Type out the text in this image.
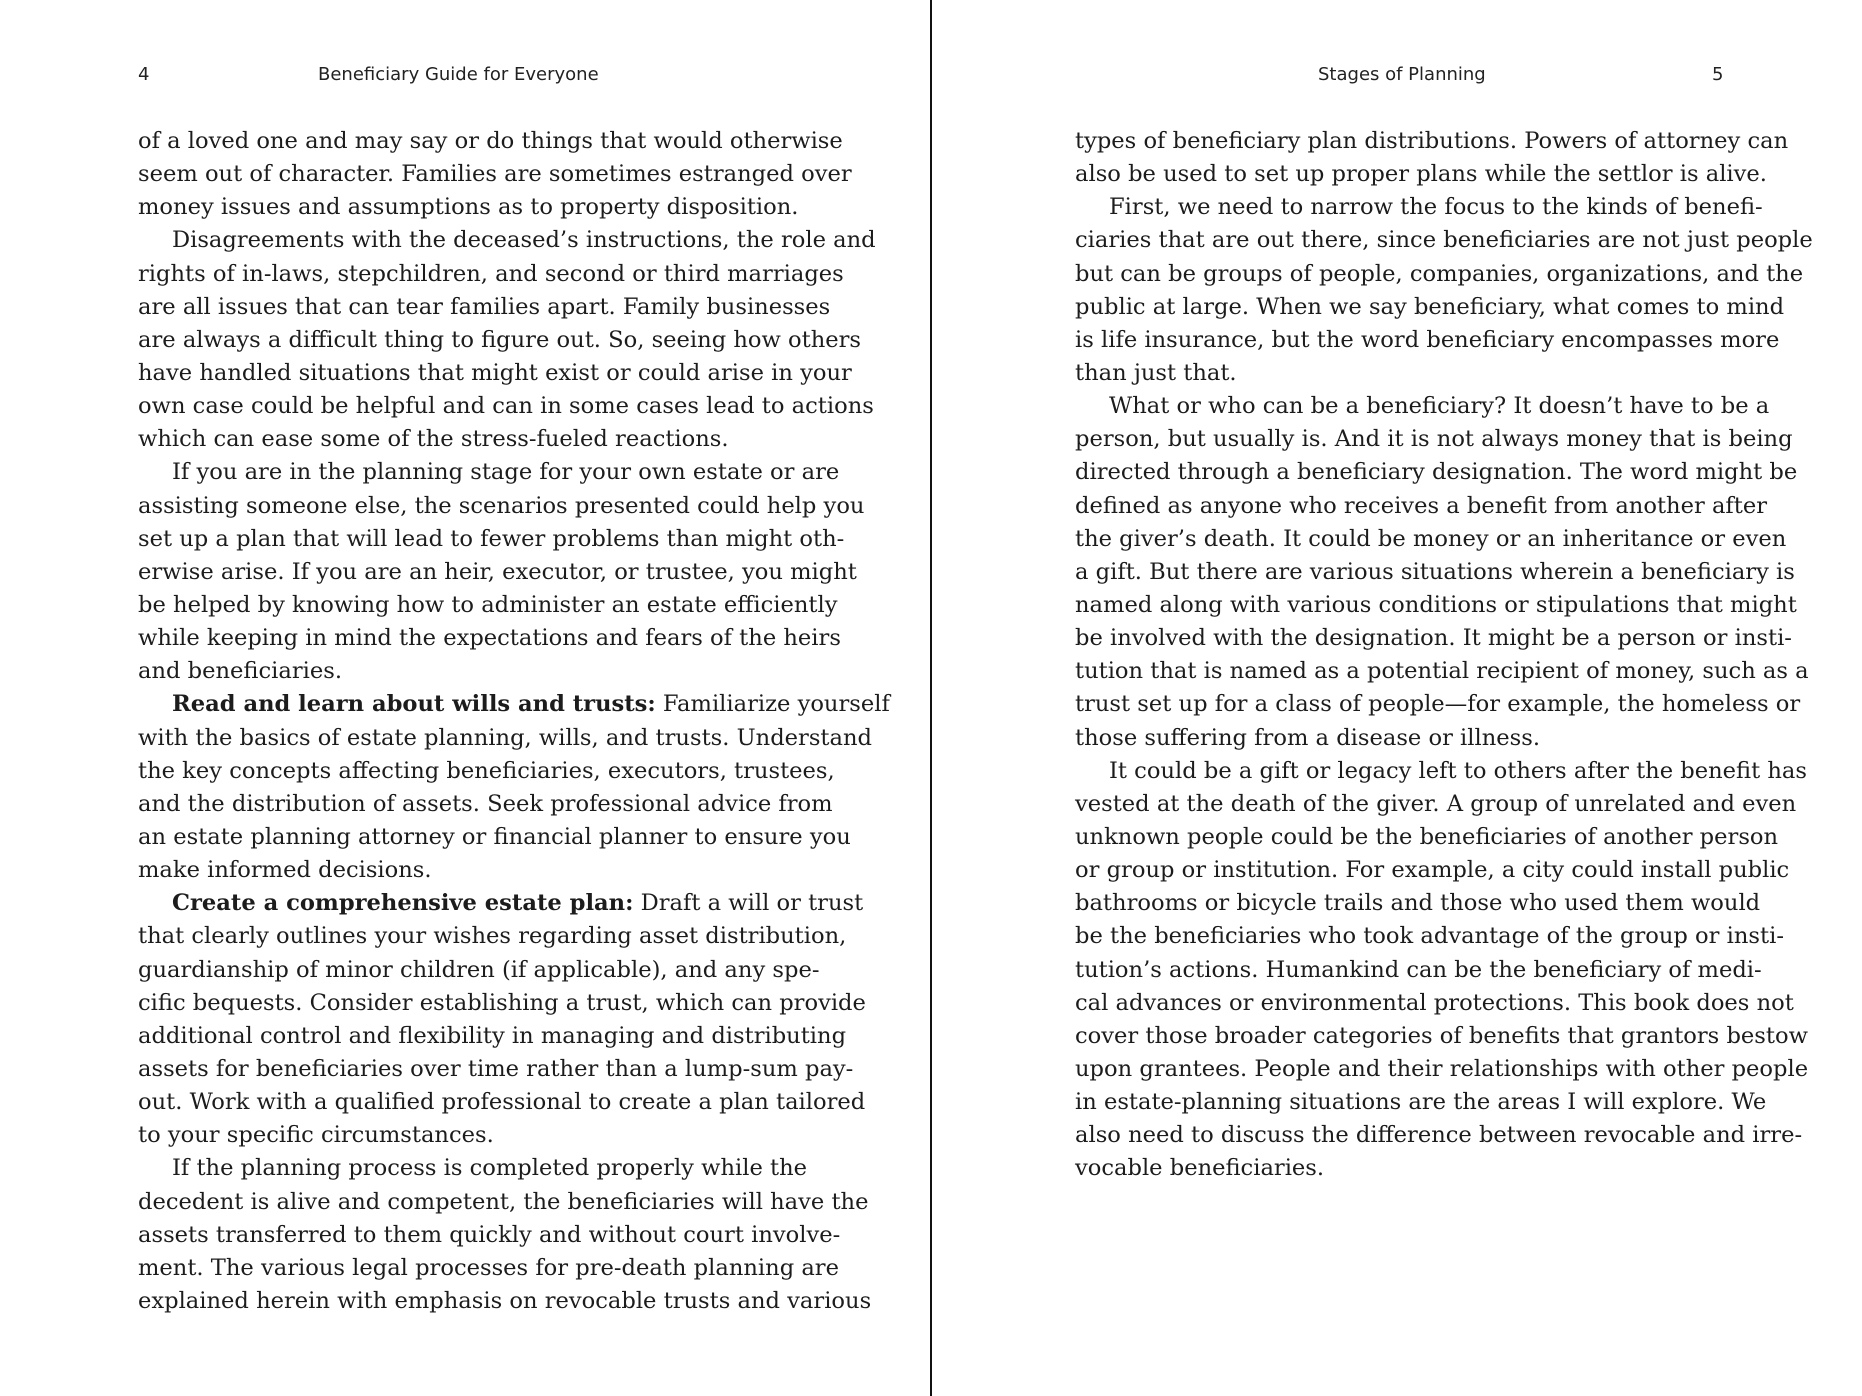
4	Beneficiary Guide for Everyone
of a loved one and may say or do things that would otherwise
seem out of character. Families are sometimes estranged over
money issues and assumptions as to property disposition.
Disagreements with the deceased’s instructions, the role and
rights of in-laws, stepchildren, and second or third marriages
are all issues that can tear families apart. Family businesses
are always a difficult thing to figure out. So, seeing how others
have handled situations that might exist or could arise in your
own case could be helpful and can in some cases lead to actions
which can ease some of the stress-fueled reactions.
If you are in the planning stage for your own estate or are
assisting someone else, the scenarios presented could help you
set up a plan that will lead to fewer problems than might oth-
erwise arise. If you are an heir, executor, or trustee, you might
be helped by knowing how to administer an estate efficiently
while keeping in mind the expectations and fears of the heirs
and beneficiaries.
Read and learn about wills and trusts: Familiarize yourself
with the basics of estate planning, wills, and trusts. Understand
the key concepts affecting beneficiaries, executors, trustees,
and the distribution of assets. Seek professional advice from
an estate planning attorney or financial planner to ensure you
make informed decisions.
Create a comprehensive estate plan: Draft a will or trust
that clearly outlines your wishes regarding asset distribution,
guardianship of minor children (if applicable), and any spe-
cific bequests. Consider establishing a trust, which can provide
additional control and flexibility in managing and distributing
assets for beneficiaries over time rather than a lump-sum pay-
out. Work with a qualified professional to create a plan tailored
to your specific circumstances.
If the planning process is completed properly while the
decedent is alive and competent, the beneficiaries will have the
assets transferred to them quickly and without court involve-
ment. The various legal processes for pre-death planning are
explained herein with emphasis on revocable trusts and various
Stages of Planning	5
types of beneficiary plan distributions. Powers of attorney can
also be used to set up proper plans while the settlor is alive.
First, we need to narrow the focus to the kinds of benefi-
ciaries that are out there, since beneficiaries are not just people
but can be groups of people, companies, organizations, and the
public at large. When we say beneficiary, what comes to mind
is life insurance, but the word beneficiary encompasses more
than just that.
What or who can be a beneficiary? It doesn’t have to be a
person, but usually is. And it is not always money that is being
directed through a beneficiary designation. The word might be
defined as anyone who receives a benefit from another after
the giver’s death. It could be money or an inheritance or even
a gift. But there are various situations wherein a beneficiary is
named along with various conditions or stipulations that might
be involved with the designation. It might be a person or insti-
tution that is named as a potential recipient of money, such as a
trust set up for a class of people—for example, the homeless or
those suffering from a disease or illness.
It could be a gift or legacy left to others after the benefit has
vested at the death of the giver. A group of unrelated and even
unknown people could be the beneficiaries of another person
or group or institution. For example, a city could install public
bathrooms or bicycle trails and those who used them would
be the beneficiaries who took advantage of the group or insti-
tution’s actions. Humankind can be the beneficiary of medi-
cal advances or environmental protections. This book does not
cover those broader categories of benefits that grantors bestow
upon grantees. People and their relationships with other people
in estate-planning situations are the areas I will explore. We
also need to discuss the difference between revocable and irre-
vocable beneficiaries.
